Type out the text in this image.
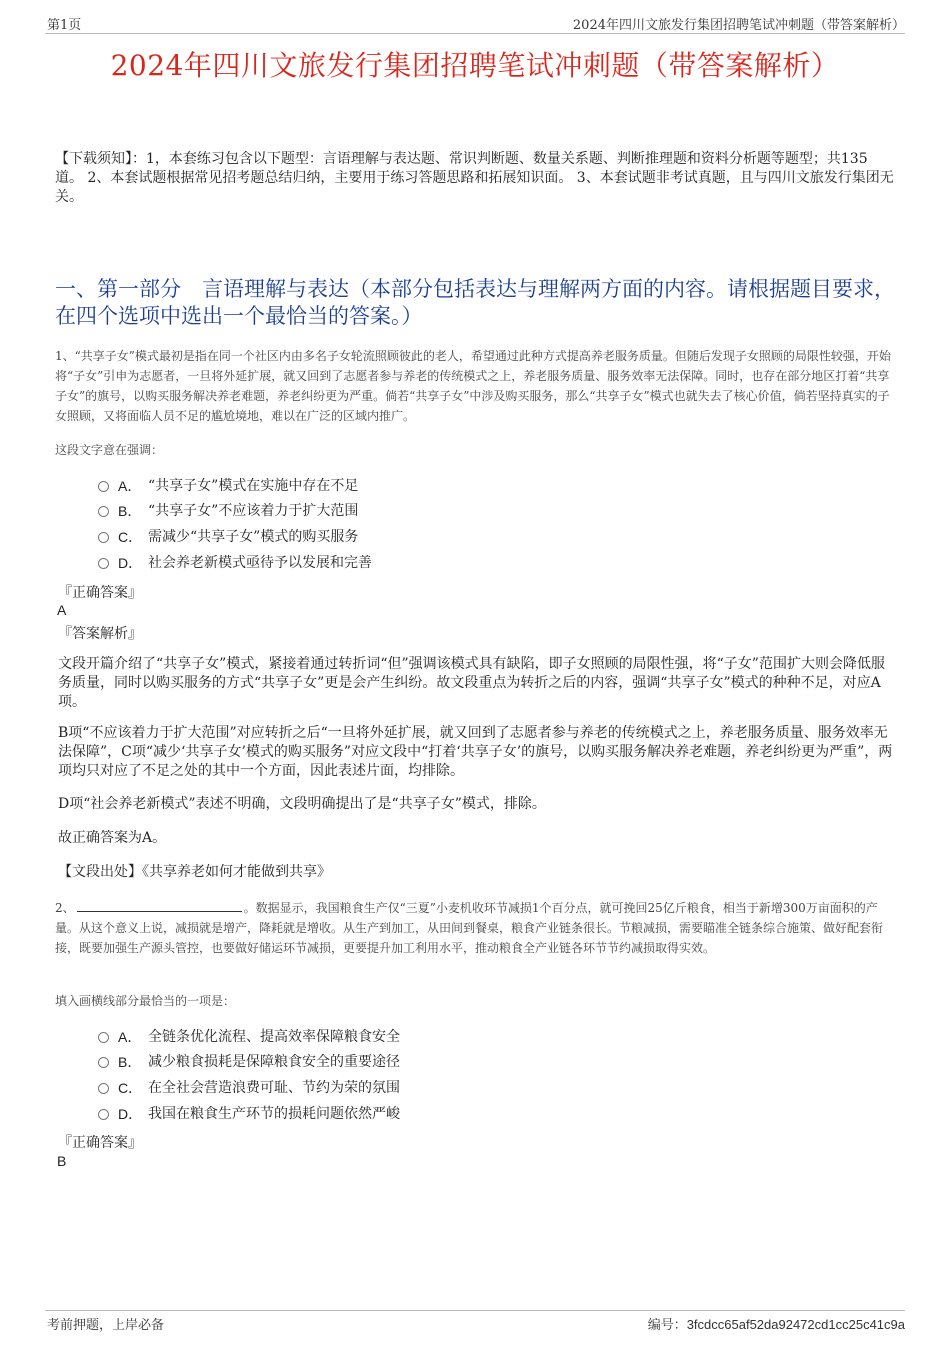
第1页	2024年四川文旅发行集团招聘笔试冲刺题（带答案解析）
2024年四川文旅发行集团招聘笔试冲刺题（带答案解析）
【下载须知】：1，本套练习包含以下题型：言语理解与表达题、常识判断题、数量关系题、判断推理题和资料分析题等题型；共135道。 2、本套试题根据常见招考题总结归纳，主要用于练习答题思路和拓展知识面。 3、本套试题非考试真题，且与四川文旅发行集团无关。
一、第一部分　言语理解与表达（本部分包括表达与理解两方面的内容。请根据题目要求，在四个选项中选出一个最恰当的答案。）
1、“共享子女”模式最初是指在同一个社区内由多名子女轮流照顾彼此的老人，希望通过此种方式提高养老服务质量。但随后发现子女照顾的局限性较强，开始将“子女”引申为志愿者，一旦将外延扩展，就又回到了志愿者参与养老的传统模式之上，养老服务质量、服务效率无法保障。同时，也存在部分地区打着“共享子女”的旗号，以购买服务解决养老难题，养老纠纷更为严重。倘若“共享子女”中涉及购买服务，那么“共享子女”模式也就失去了核心价值，倘若坚持真实的子女照顾，又将面临人员不足的尴尬境地，难以在广泛的区域内推广。
这段文字意在强调：
A． “共享子女”模式在实施中存在不足
B． “共享子女”不应该着力于扩大范围
C． 需减少“共享子女”模式的购买服务
D． 社会养老新模式亟待予以发展和完善
『正确答案』
A
『答案解析』
文段开篇介绍了“共享子女”模式，紧接着通过转折词“但”强调该模式具有缺陷，即子女照顾的局限性强，将“子女”范围扩大则会降低服务质量，同时以购买服务的方式“共享子女”更是会产生纠纷。故文段重点为转折之后的内容，强调“共享子女”模式的种种不足，对应A项。
B项“不应该着力于扩大范围”对应转折之后“一旦将外延扩展，就又回到了志愿者参与养老的传统模式之上，养老服务质量、服务效率无法保障”，C项“减少‘共享子女’模式的购买服务”对应文段中“打着‘共享子女’的旗号，以购买服务解决养老难题，养老纠纷更为严重”，两项均只对应了不足之处的其中一个方面，因此表述片面，均排除。
D项“社会养老新模式”表述不明确，文段明确提出了是“共享子女”模式，排除。
故正确答案为A。
【文段出处】《共享养老如何才能做到共享》
2、	。数据显示，我国粮食生产仅“三夏”小麦机收环节减损1个百分点，就可挽回25亿斤粮食，相当于新增300万亩面积的产量。从这个意义上说，减损就是增产，降耗就是增收。从生产到加工，从田间到餐桌，粮食产业链条很长。节粮减损，需要瞄准全链条综合施策、做好配套衔接，既要加强生产源头管控，也要做好储运环节减损，更要提升加工利用水平，推动粮食全产业链各环节节约减损取得实效。
填入画横线部分最恰当的一项是：
A． 全链条优化流程、提高效率保障粮食安全
B． 减少粮食损耗是保障粮食安全的重要途径
C． 在全社会营造浪费可耻、节约为荣的氛围
D． 我国在粮食生产环节的损耗问题依然严峻
『正确答案』
B
考前押题，上岸必备	编号：3fcdcc65af52da92472cd1cc25c41c9a
